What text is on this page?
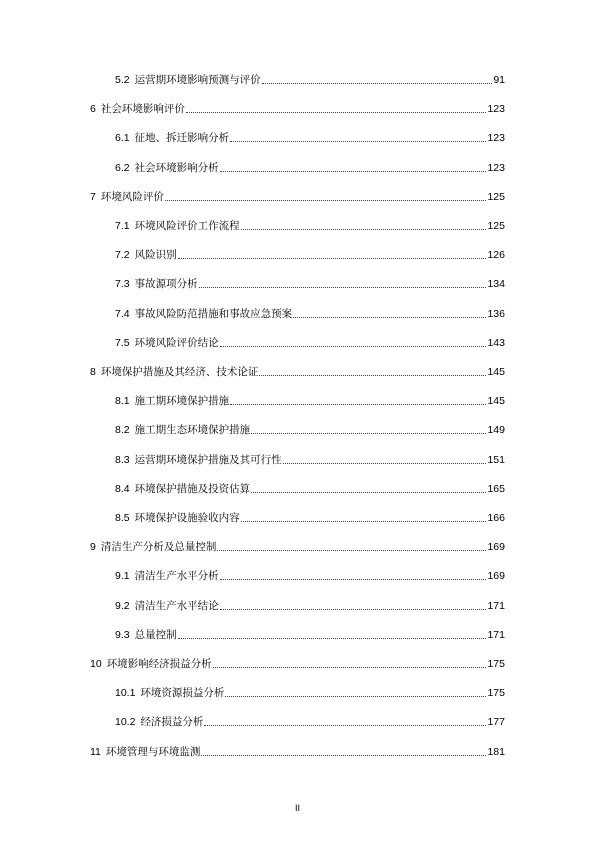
5.2 运营期环境影响预测与评价	91
6 社会环境影响评价	123
6.1 征地、拆迁影响分析	123
6.2 社会环境影响分析	123
7 环境风险评价	125
7.1 环境风险评价工作流程	125
7.2 风险识别	126
7.3 事故源项分析	134
7.4 事故风险防范措施和事故应急预案	136
7.5 环境风险评价结论	143
8 环境保护措施及其经济、技术论证	145
8.1 施工期环境保护措施	145
8.2 施工期生态环境保护措施	149
8.3 运营期环境保护措施及其可行性	151
8.4 环境保护措施及投资估算	165
8.5 环境保护设施验收内容	166
9 清洁生产分析及总量控制	169
9.1 清洁生产水平分析	169
9.2 清洁生产水平结论	171
9.3 总量控制	171
10 环境影响经济损益分析	175
10.1 环境资源损益分析	175
10.2 经济损益分析	177
11 环境管理与环境监测	181
II
